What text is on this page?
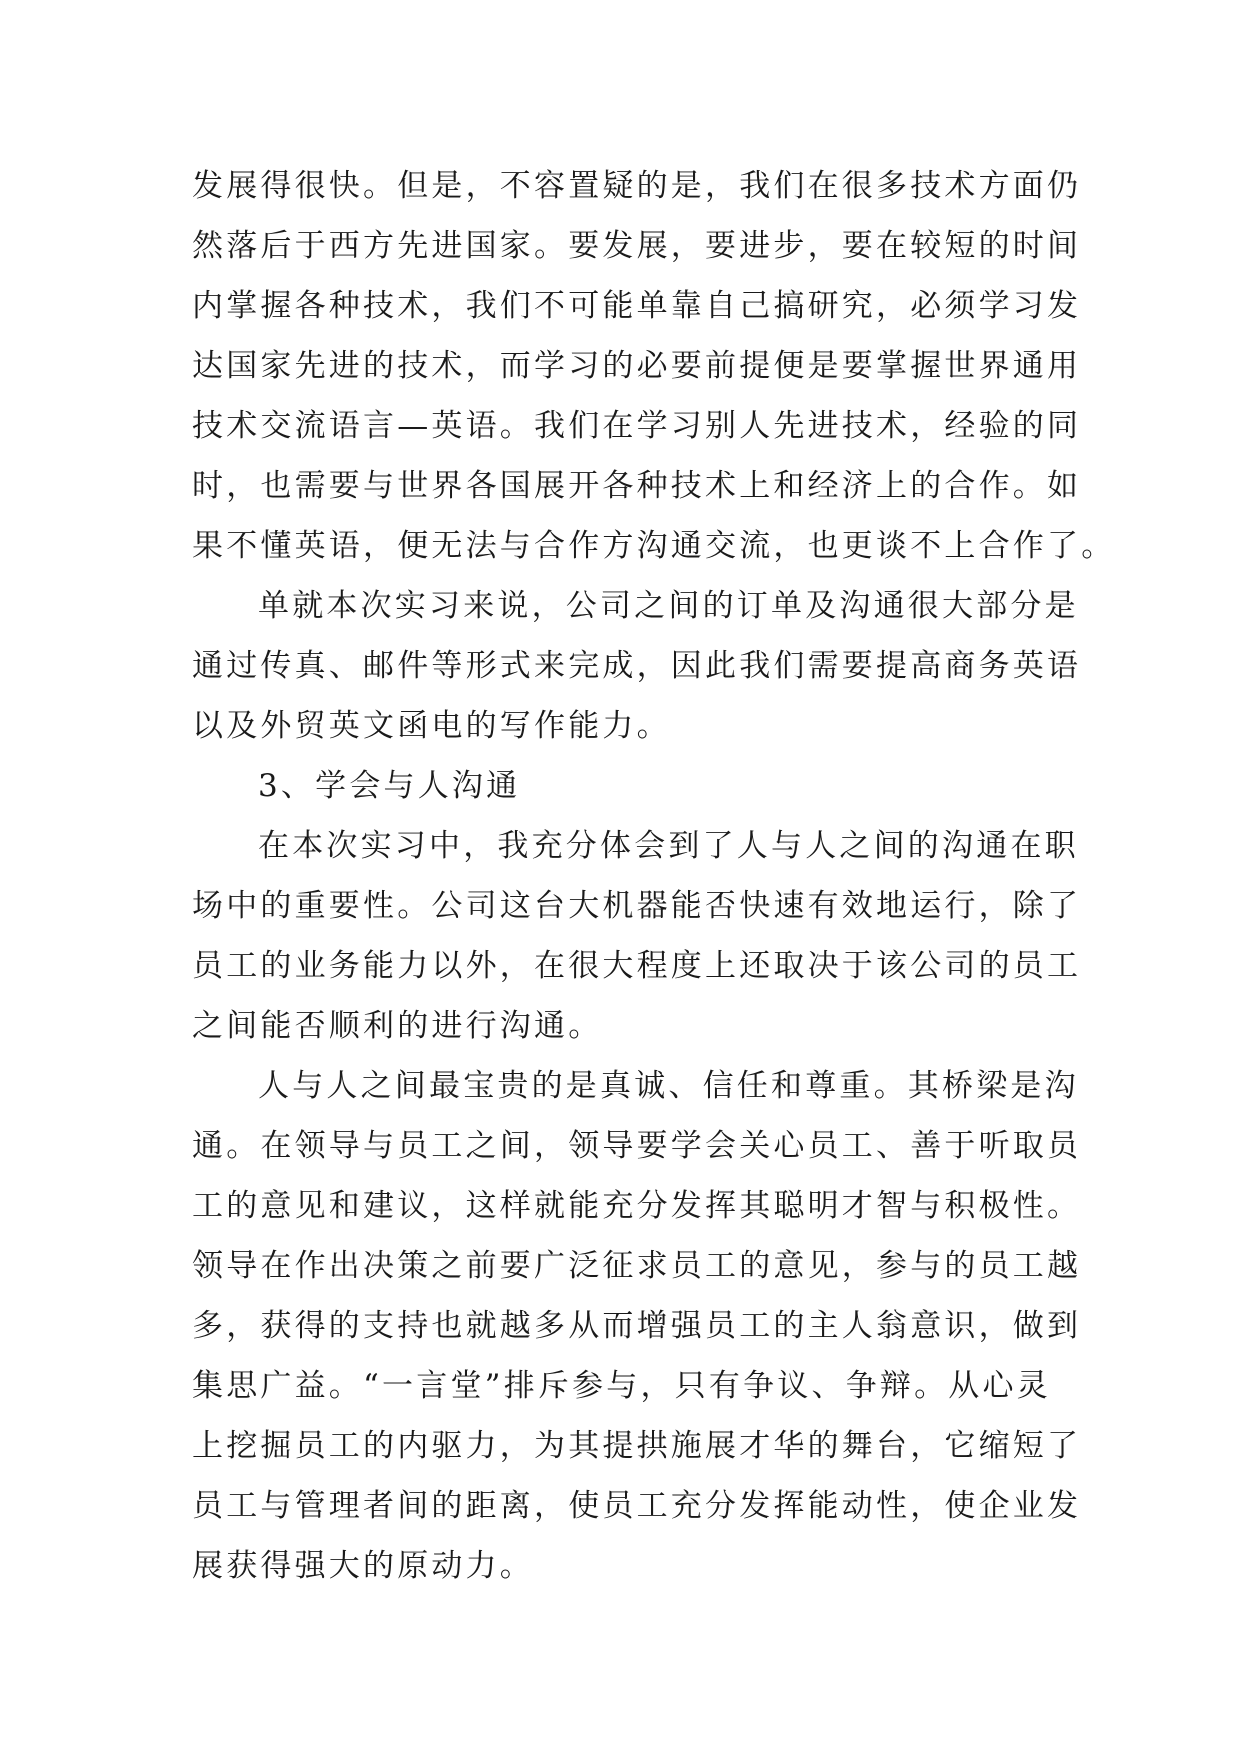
发展得很快。但是，不容置疑的是，我们在很多技术方面仍
然落后于西方先进国家。要发展，要进步，要在较短的时间
内掌握各种技术，我们不可能单靠自己搞研究，必须学习发
达国家先进的技术，而学习的必要前提便是要掌握世界通用
技术交流语言—英语。我们在学习别人先进技术，经验的同
时，也需要与世界各国展开各种技术上和经济上的合作。如
果不懂英语，便无法与合作方沟通交流，也更谈不上合作了。
单就本次实习来说，公司之间的订单及沟通很大部分是
通过传真、邮件等形式来完成，因此我们需要提高商务英语
以及外贸英文函电的写作能力。
3、学会与人沟通
在本次实习中，我充分体会到了人与人之间的沟通在职
场中的重要性。公司这台大机器能否快速有效地运行，除了
员工的业务能力以外，在很大程度上还取决于该公司的员工
之间能否顺利的进行沟通。
人与人之间最宝贵的是真诚、信任和尊重。其桥梁是沟
通。在领导与员工之间，领导要学会关心员工、善于听取员
工的意见和建议，这样就能充分发挥其聪明才智与积极性。
领导在作出决策之前要广泛征求员工的意见，参与的员工越
多，获得的支持也就越多从而增强员工的主人翁意识，做到
集思广益。“一言堂”排斥参与，只有争议、争辩。从心灵
上挖掘员工的内驱力，为其提拱施展才华的舞台，它缩短了
员工与管理者间的距离，使员工充分发挥能动性，使企业发
展获得强大的原动力。
